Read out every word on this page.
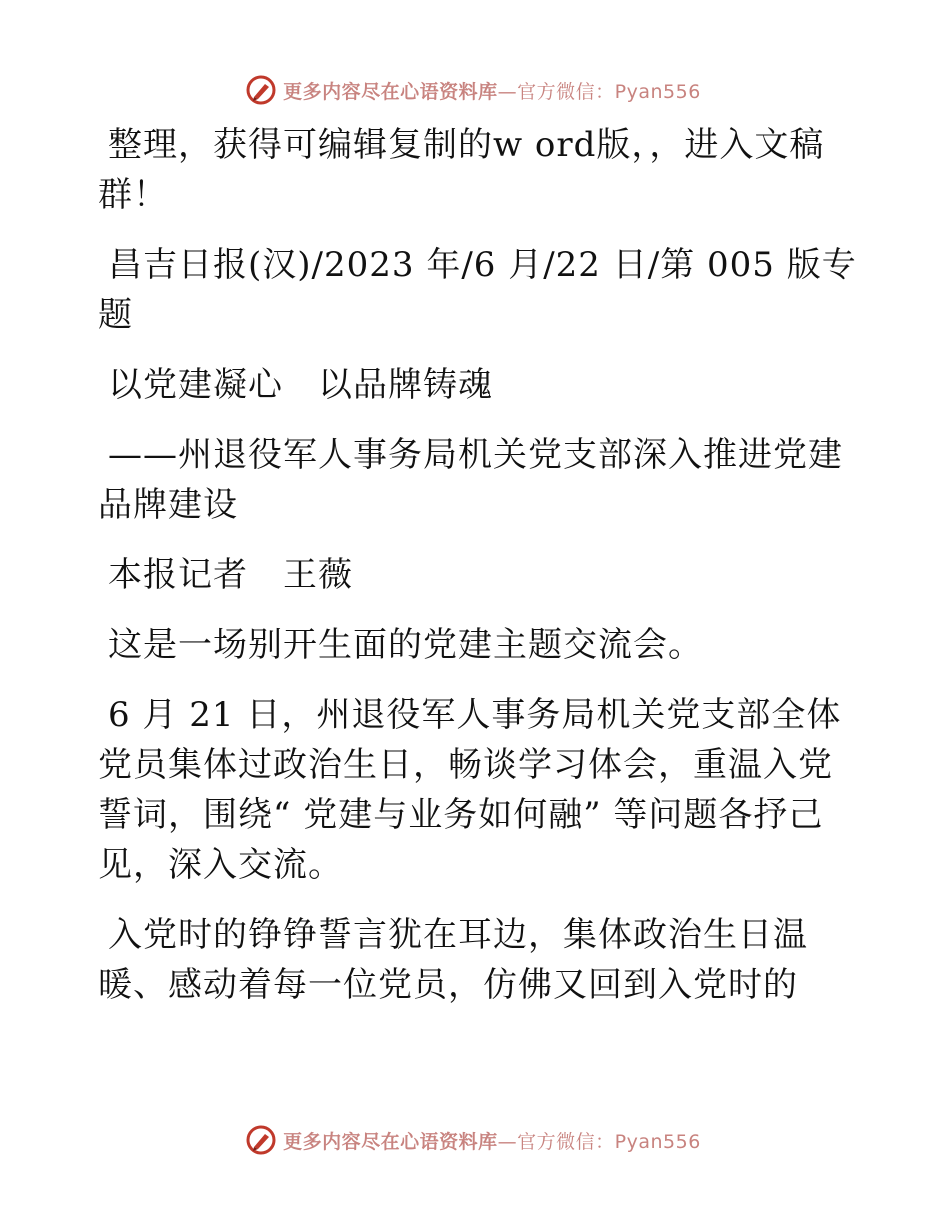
更多内容尽在心语资料库—官方微信：Pyan556

整理，获得可编辑复制的w ord版，，进入文稿群！

昌吉日报(汉)/2023 年/6 月/22 日/第 005 版专题

以党建凝心　以品牌铸魂

——州退役军人事务局机关党支部深入推进党建品牌建设

本报记者　王薇

这是一场别开生面的党建主题交流会。

6 月 21 日，州退役军人事务局机关党支部全体党员集体过政治生日，畅谈学习体会，重温入党誓词，围绕“ 党建与业务如何融” 等问题各抒己见，深入交流。

入党时的铮铮誓言犹在耳边，集体政治生日温暖、感动着每一位党员，仿佛又回到入党时的

更多内容尽在心语资料库—官方微信：Pyan556
